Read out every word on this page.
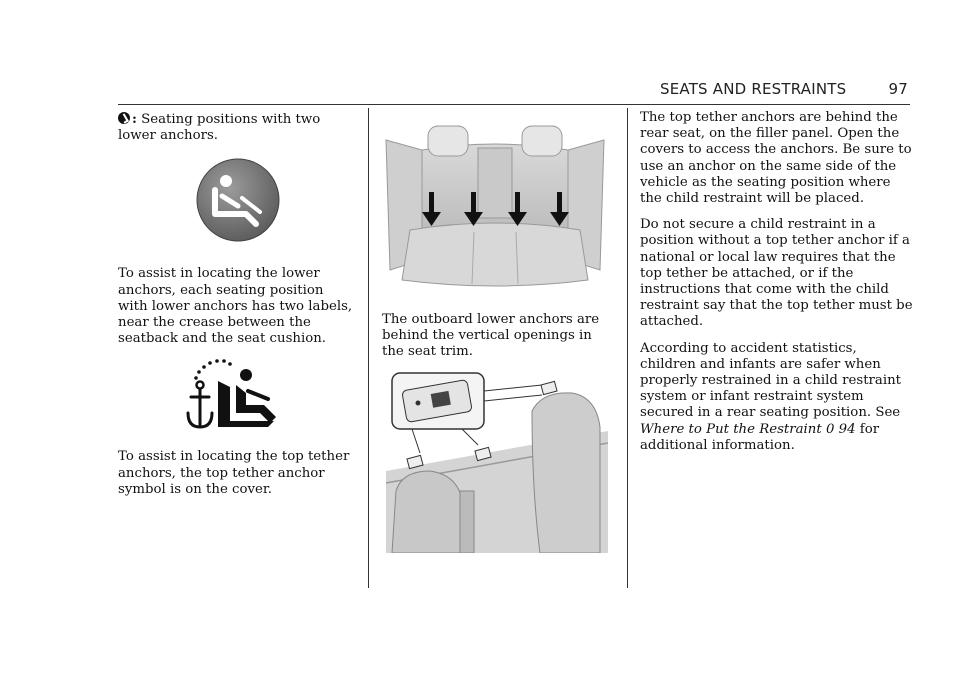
SEATS AND RESTRAINTS	97

: Seating positions with two lower anchors.

To assist in locating the lower anchors, each seating position with lower anchors has two labels, near the crease between the seatback and the seat cushion.

To assist in locating the top tether anchors, the top tether anchor symbol is on the cover.

The outboard lower anchors are behind the vertical openings in the seat trim.

The top tether anchors are behind the rear seat, on the filler panel. Open the covers to access the anchors. Be sure to use an anchor on the same side of the vehicle as the seating position where the child restraint will be placed.

Do not secure a child restraint in a position without a top tether anchor if a national or local law requires that the top tether be attached, or if the instructions that come with the child restraint say that the top tether must be attached.

According to accident statistics, children and infants are safer when properly restrained in a child restraint system or infant restraint system secured in a rear seating position. See Where to Put the Restraint 0 94 for additional information.
